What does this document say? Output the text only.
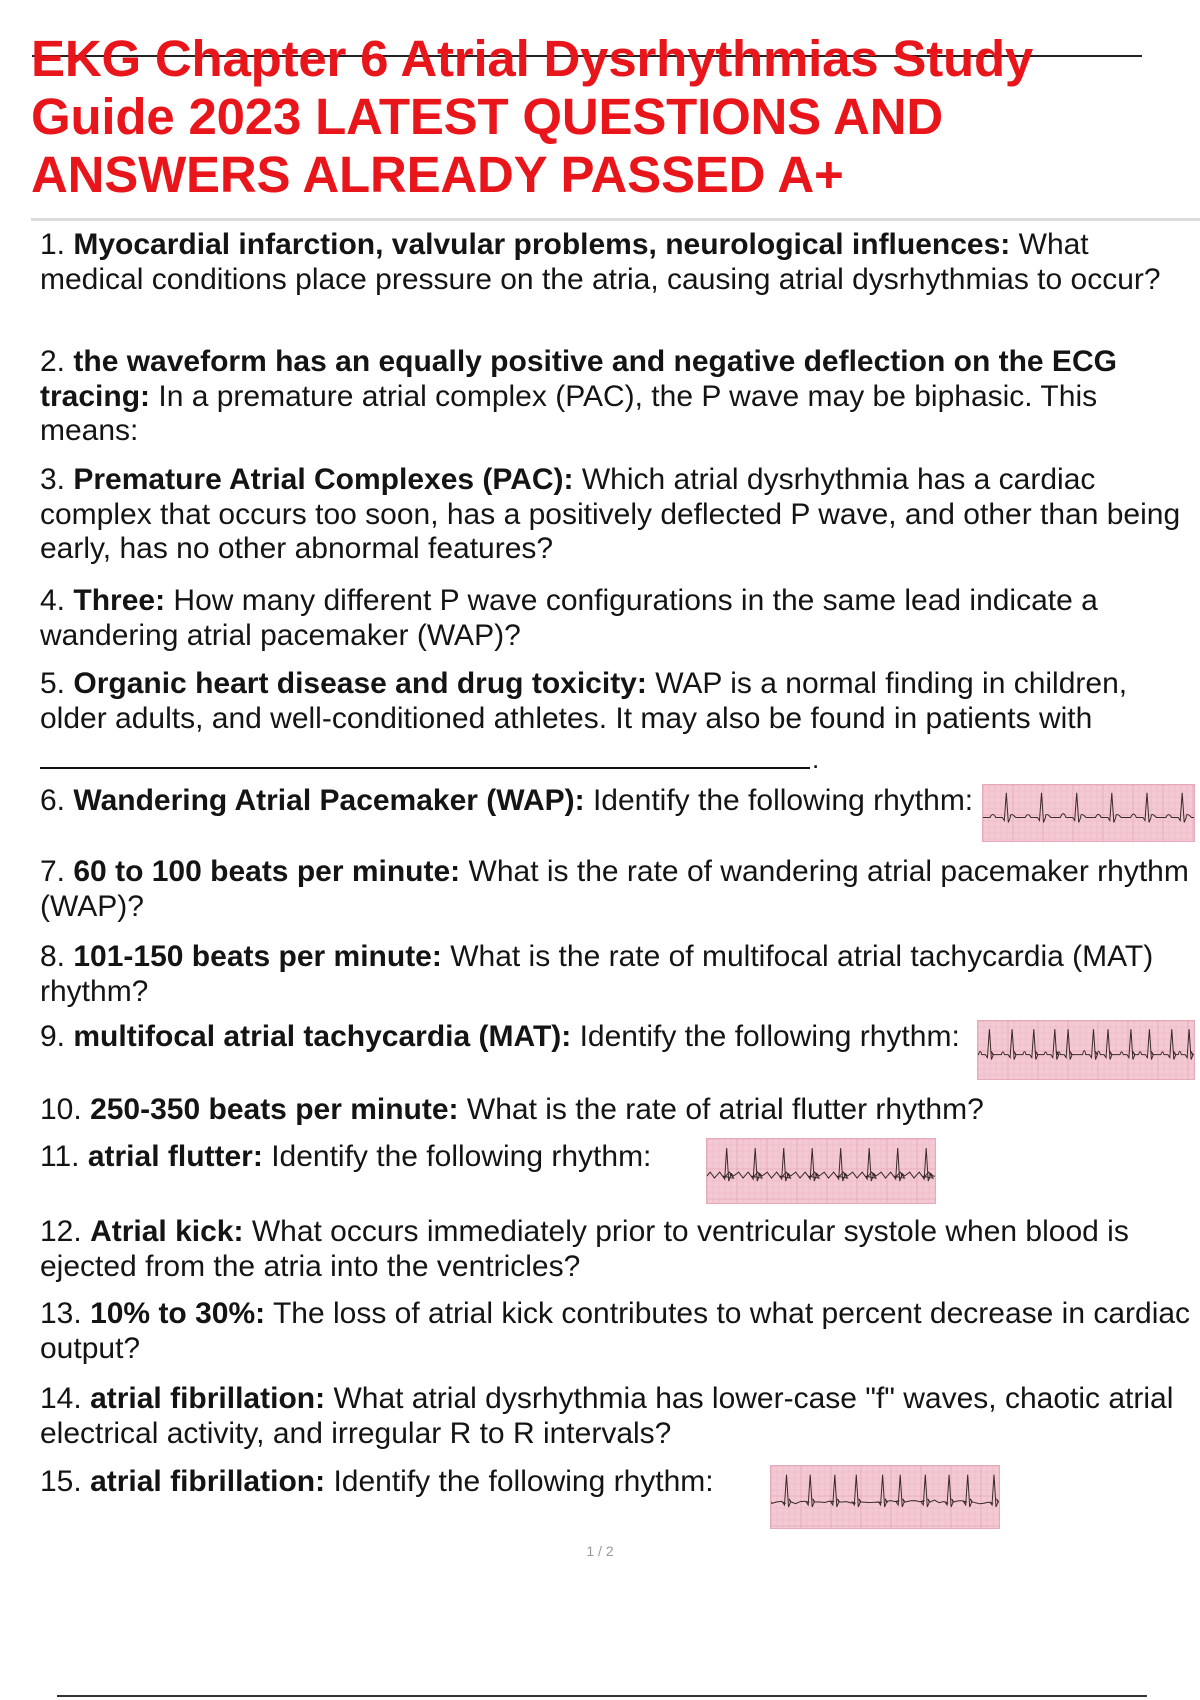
EKG Chapter 6 Atrial Dysrhythmias Study Guide 2023 LATEST QUESTIONS AND ANSWERS ALREADY PASSED A+

1. Myocardial infarction, valvular problems, neurological influences: What medical conditions place pressure on the atria, causing atrial dysrhythmias to occur?

2. the waveform has an equally positive and negative deflection on the ECG tracing: In a premature atrial complex (PAC), the P wave may be biphasic. This means:

3. Premature Atrial Complexes (PAC): Which atrial dysrhythmia has a cardiac complex that occurs too soon, has a positively deflected P wave, and other than being early, has no other abnormal features?

4. Three: How many different P wave configurations in the same lead indicate a wandering atrial pacemaker (WAP)?

5. Organic heart disease and drug toxicity: WAP is a normal finding in children, older adults, and well-conditioned athletes. It may also be found in patients with

.

6. Wandering Atrial Pacemaker (WAP): Identify the following rhythm:

7. 60 to 100 beats per minute: What is the rate of wandering atrial pacemaker rhythm (WAP)?

8. 101-150 beats per minute: What is the rate of multifocal atrial tachycardia (MAT) rhythm?

9. multifocal atrial tachycardia (MAT): Identify the following rhythm:

10. 250-350 beats per minute: What is the rate of atrial flutter rhythm?

11. atrial flutter: Identify the following rhythm:

12. Atrial kick: What occurs immediately prior to ventricular systole when blood is ejected from the atria into the ventricles?

13. 10% to 30%: The loss of atrial kick contributes to what percent decrease in cardiac output?

14. atrial fibrillation: What atrial dysrhythmia has lower-case "f" waves, chaotic atrial electrical activity, and irregular R to R intervals?

15. atrial fibrillation: Identify the following rhythm:

1 / 2
